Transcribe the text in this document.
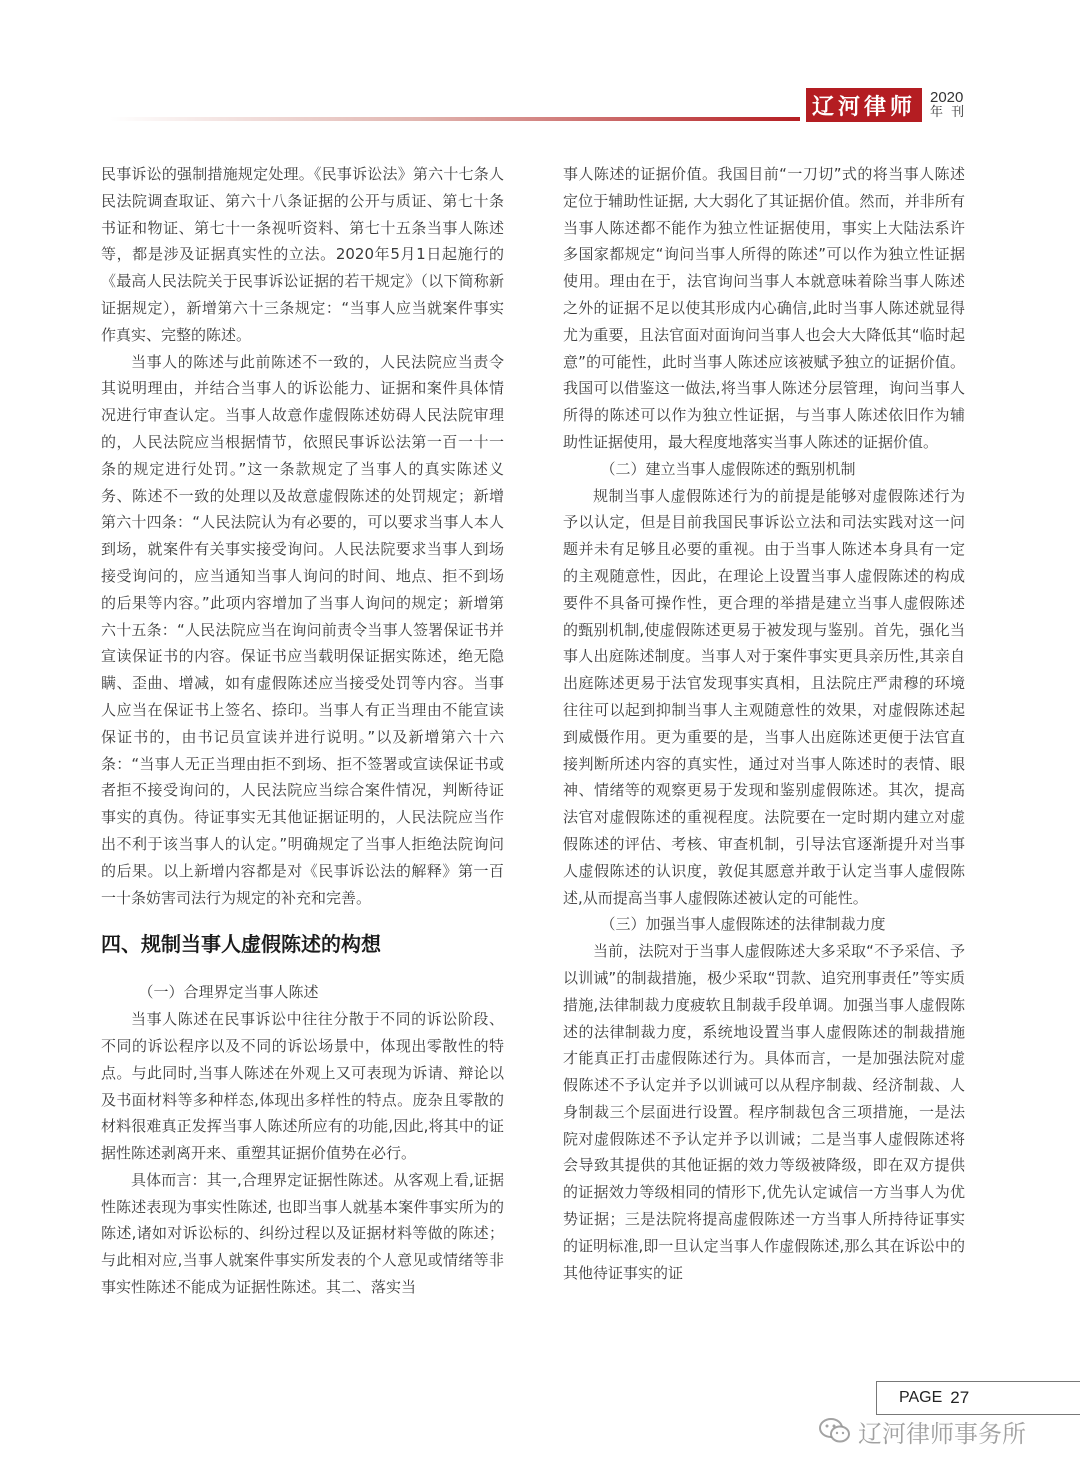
辽河律师 2020
年 刊

民事诉讼的强制措施规定处理。《民事诉讼法》第六十七条人民法院调查取证、第六十八条证据的公开与质证、第七十条书证和物证、第七十一条视听资料、第七十五条当事人陈述等，都是涉及证据真实性的立法。2020年5月1日起施行的《最高人民法院关于民事诉讼证据的若干规定》（以下简称新证据规定），新增第六十三条规定：“当事人应当就案件事实作真实、完整的陈述。

当事人的陈述与此前陈述不一致的，人民法院应当责令其说明理由，并结合当事人的诉讼能力、证据和案件具体情况进行审查认定。当事人故意作虚假陈述妨碍人民法院审理的，人民法院应当根据情节，依照民事诉讼法第一百一十一条的规定进行处罚。”这一条款规定了当事人的真实陈述义务、陈述不一致的处理以及故意虚假陈述的处罚规定；新增第六十四条：“人民法院认为有必要的，可以要求当事人本人到场，就案件有关事实接受询问。人民法院要求当事人到场接受询问的，应当通知当事人询问的时间、地点、拒不到场的后果等内容。”此项内容增加了当事人询问的规定；新增第六十五条：“人民法院应当在询问前责令当事人签署保证书并宣读保证书的内容。保证书应当载明保证据实陈述，绝无隐瞒、歪曲、增减，如有虚假陈述应当接受处罚等内容。当事人应当在保证书上签名、捺印。当事人有正当理由不能宣读保证书的，由书记员宣读并进行说明。”以及新增第六十六条：“当事人无正当理由拒不到场、拒不签署或宣读保证书或者拒不接受询问的，人民法院应当综合案件情况，判断待证事实的真伪。待证事实无其他证据证明的，人民法院应当作出不利于该当事人的认定。”明确规定了当事人拒绝法院询问的后果。以上新增内容都是对《民事诉讼法的解释》第一百一十条妨害司法行为规定的补充和完善。

四、规制当事人虚假陈述的构想

（一）合理界定当事人陈述

当事人陈述在民事诉讼中往往分散于不同的诉讼阶段、不同的诉讼程序以及不同的诉讼场景中，体现出零散性的特点。与此同时,当事人陈述在外观上又可表现为诉请、辩论以及书面材料等多种样态,体现出多样性的特点。庞杂且零散的材料很难真正发挥当事人陈述所应有的功能,因此,将其中的证据性陈述剥离开来、重塑其证据价值势在必行。

具体而言：其一,合理界定证据性陈述。从客观上看,证据性陈述表现为事实性陈述, 也即当事人就基本案件事实所为的陈述,诸如对诉讼标的、纠纷过程以及证据材料等做的陈述；与此相对应,当事人就案件事实所发表的个人意见或情绪等非事实性陈述不能成为证据性陈述。其二、落实当

事人陈述的证据价值。我国目前“一刀切”式的将当事人陈述定位于辅助性证据, 大大弱化了其证据价值。然而，并非所有当事人陈述都不能作为独立性证据使用，事实上大陆法系许多国家都规定“询问当事人所得的陈述”可以作为独立性证据使用。理由在于，法官询问当事人本就意味着除当事人陈述之外的证据不足以使其形成内心确信,此时当事人陈述就显得尤为重要，且法官面对面询问当事人也会大大降低其“临时起意”的可能性，此时当事人陈述应该被赋予独立的证据价值。我国可以借鉴这一做法,将当事人陈述分层管理，询问当事人所得的陈述可以作为独立性证据，与当事人陈述依旧作为辅助性证据使用，最大程度地落实当事人陈述的证据价值。

（二）建立当事人虚假陈述的甄别机制

规制当事人虚假陈述行为的前提是能够对虚假陈述行为予以认定，但是目前我国民事诉讼立法和司法实践对这一问题并未有足够且必要的重视。由于当事人陈述本身具有一定的主观随意性，因此，在理论上设置当事人虚假陈述的构成要件不具备可操作性，更合理的举措是建立当事人虚假陈述的甄别机制,使虚假陈述更易于被发现与鉴别。首先，强化当事人出庭陈述制度。当事人对于案件事实更具亲历性,其亲自出庭陈述更易于法官发现事实真相，且法院庄严肃穆的环境往往可以起到抑制当事人主观随意性的效果，对虚假陈述起到威慑作用。更为重要的是，当事人出庭陈述更便于法官直接判断所述内容的真实性，通过对当事人陈述时的表情、眼神、情绪等的观察更易于发现和鉴别虚假陈述。其次，提高法官对虚假陈述的重视程度。法院要在一定时期内建立对虚假陈述的评估、考核、审查机制，引导法官逐渐提升对当事人虚假陈述的认识度，敦促其愿意并敢于认定当事人虚假陈述,从而提高当事人虚假陈述被认定的可能性。

（三）加强当事人虚假陈述的法律制裁力度

当前，法院对于当事人虚假陈述大多采取“不予采信、予以训诫”的制裁措施，极少采取“罚款、追究刑事责任”等实质措施,法律制裁力度疲软且制裁手段单调。加强当事人虚假陈述的法律制裁力度，系统地设置当事人虚假陈述的制裁措施才能真正打击虚假陈述行为。具体而言，一是加强法院对虚假陈述不予认定并予以训诫可以从程序制裁、经济制裁、人身制裁三个层面进行设置。程序制裁包含三项措施，一是法院对虚假陈述不予认定并予以训诫；二是当事人虚假陈述将会导致其提供的其他证据的效力等级被降级，即在双方提供的证据效力等级相同的情形下,优先认定诚信一方当事人为优势证据；三是法院将提高虚假陈述一方当事人所持待证事实的证明标准,即一旦认定当事人作虚假陈述,那么其在诉讼中的其他待证事实的证

PAGE 27
辽河律师事务所
